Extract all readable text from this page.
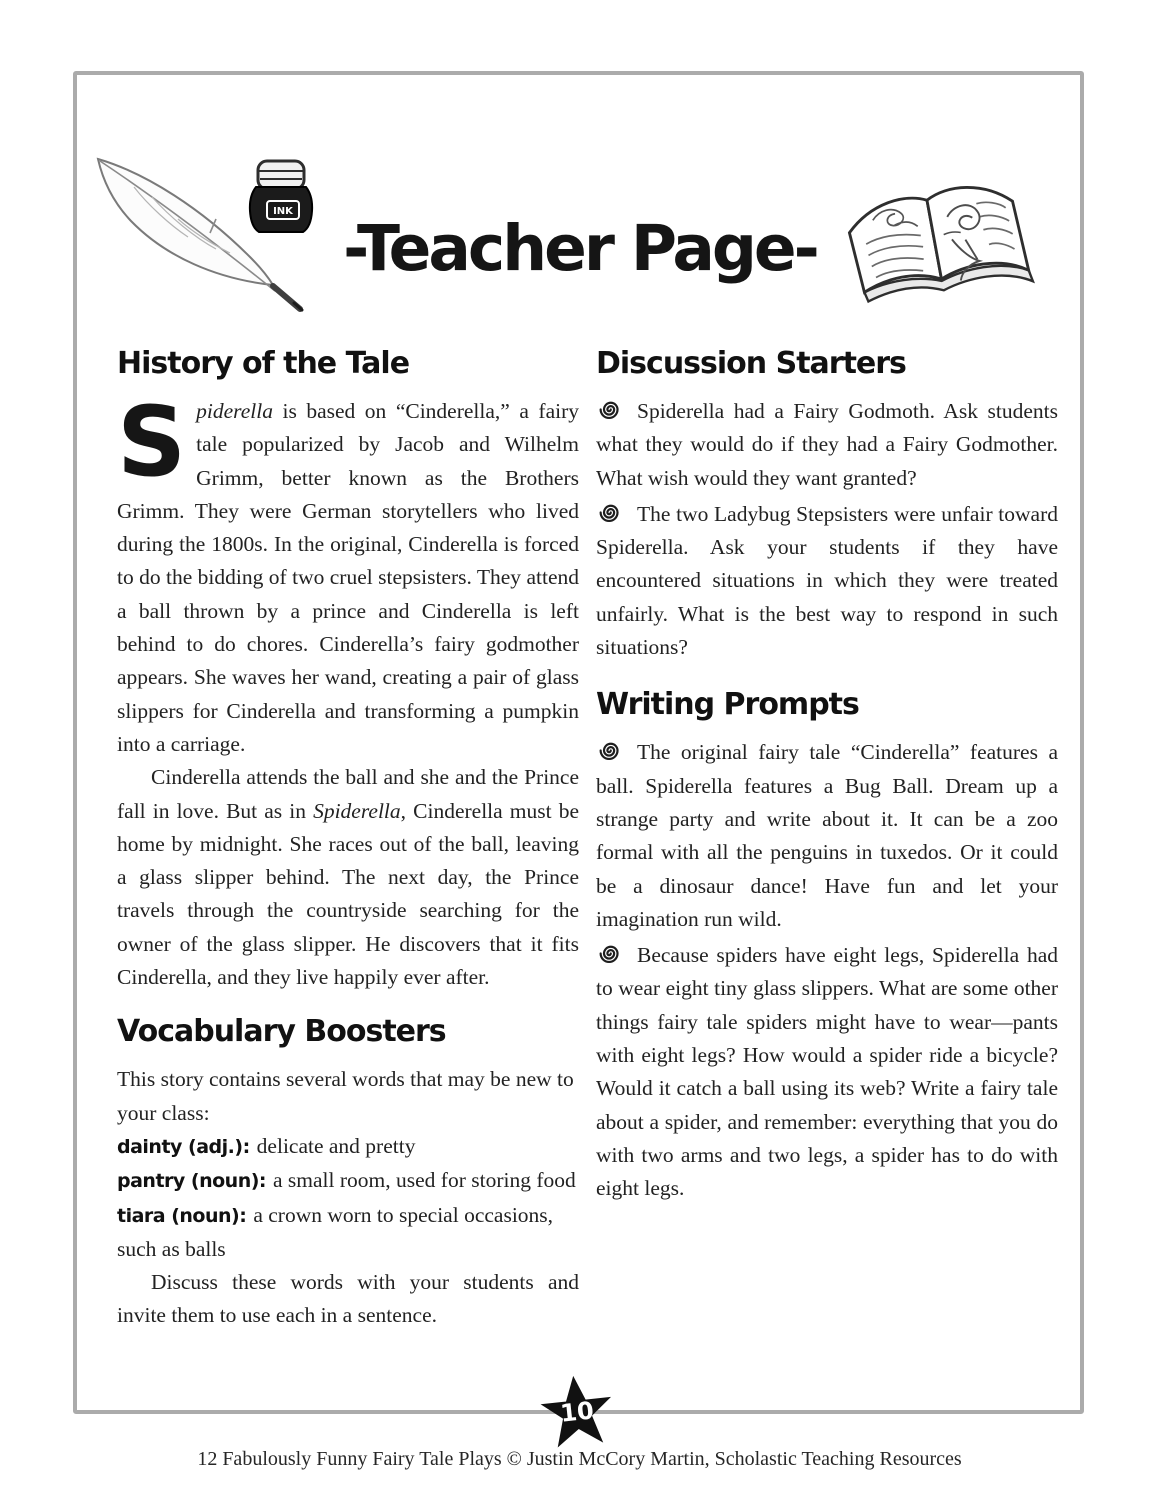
INK -Teacher Page-
History of the Tale

Spiderella is based on “Cinderella,” a fairy tale popularized by Jacob and Wilhelm Grimm, better known as the Brothers Grimm. They were German storytellers who lived during the 1800s. In the original, Cinderella is forced to do the bidding of two cruel stepsisters. They attend a ball thrown by a prince and Cinderella is left behind to do chores. Cinderella’s fairy godmother appears. She waves her wand, creating a pair of glass slippers for Cinderella and transforming a pumpkin into a carriage.

Cinderella attends the ball and she and the Prince fall in love. But as in Spiderella, Cinderella must be home by midnight. She races out of the ball, leaving a glass slipper behind. The next day, the Prince travels through the countryside searching for the owner of the glass slipper. He discovers that it fits Cinderella, and they live happily ever after.

Vocabulary Boosters

This story contains several words that may be new to your class:

dainty (adj.): delicate and pretty

pantry (noun): a small room, used for storing food

tiara (noun): a crown worn to special occasions, such as balls

Discuss these words with your students and invite them to use each in a sentence.

Discussion Starters

Spiderella had a Fairy Godmoth. Ask students what they would do if they had a Fairy Godmother. What wish would they want granted?

The two Ladybug Stepsisters were unfair toward Spiderella. Ask your students if they have encountered situations in which they were treated unfairly. What is the best way to respond in such situations?

Writing Prompts

The original fairy tale “Cinderella” features a ball. Spiderella features a Bug Ball. Dream up a strange party and write about it. It can be a zoo formal with all the penguins in tuxedos. Or it could be a dinosaur dance! Have fun and let your imagination run wild.

Because spiders have eight legs, Spiderella had to wear eight tiny glass slippers. What are some other things fairy tale spiders might have to wear—pants with eight legs? How would a spider ride a bicycle? Would it catch a ball using its web? Write a fairy tale about a spider, and remember: everything that you do with two arms and two legs, a spider has to do with eight legs.

10
12 Fabulously Funny Fairy Tale Plays © Justin McCory Martin, Scholastic Teaching Resources
